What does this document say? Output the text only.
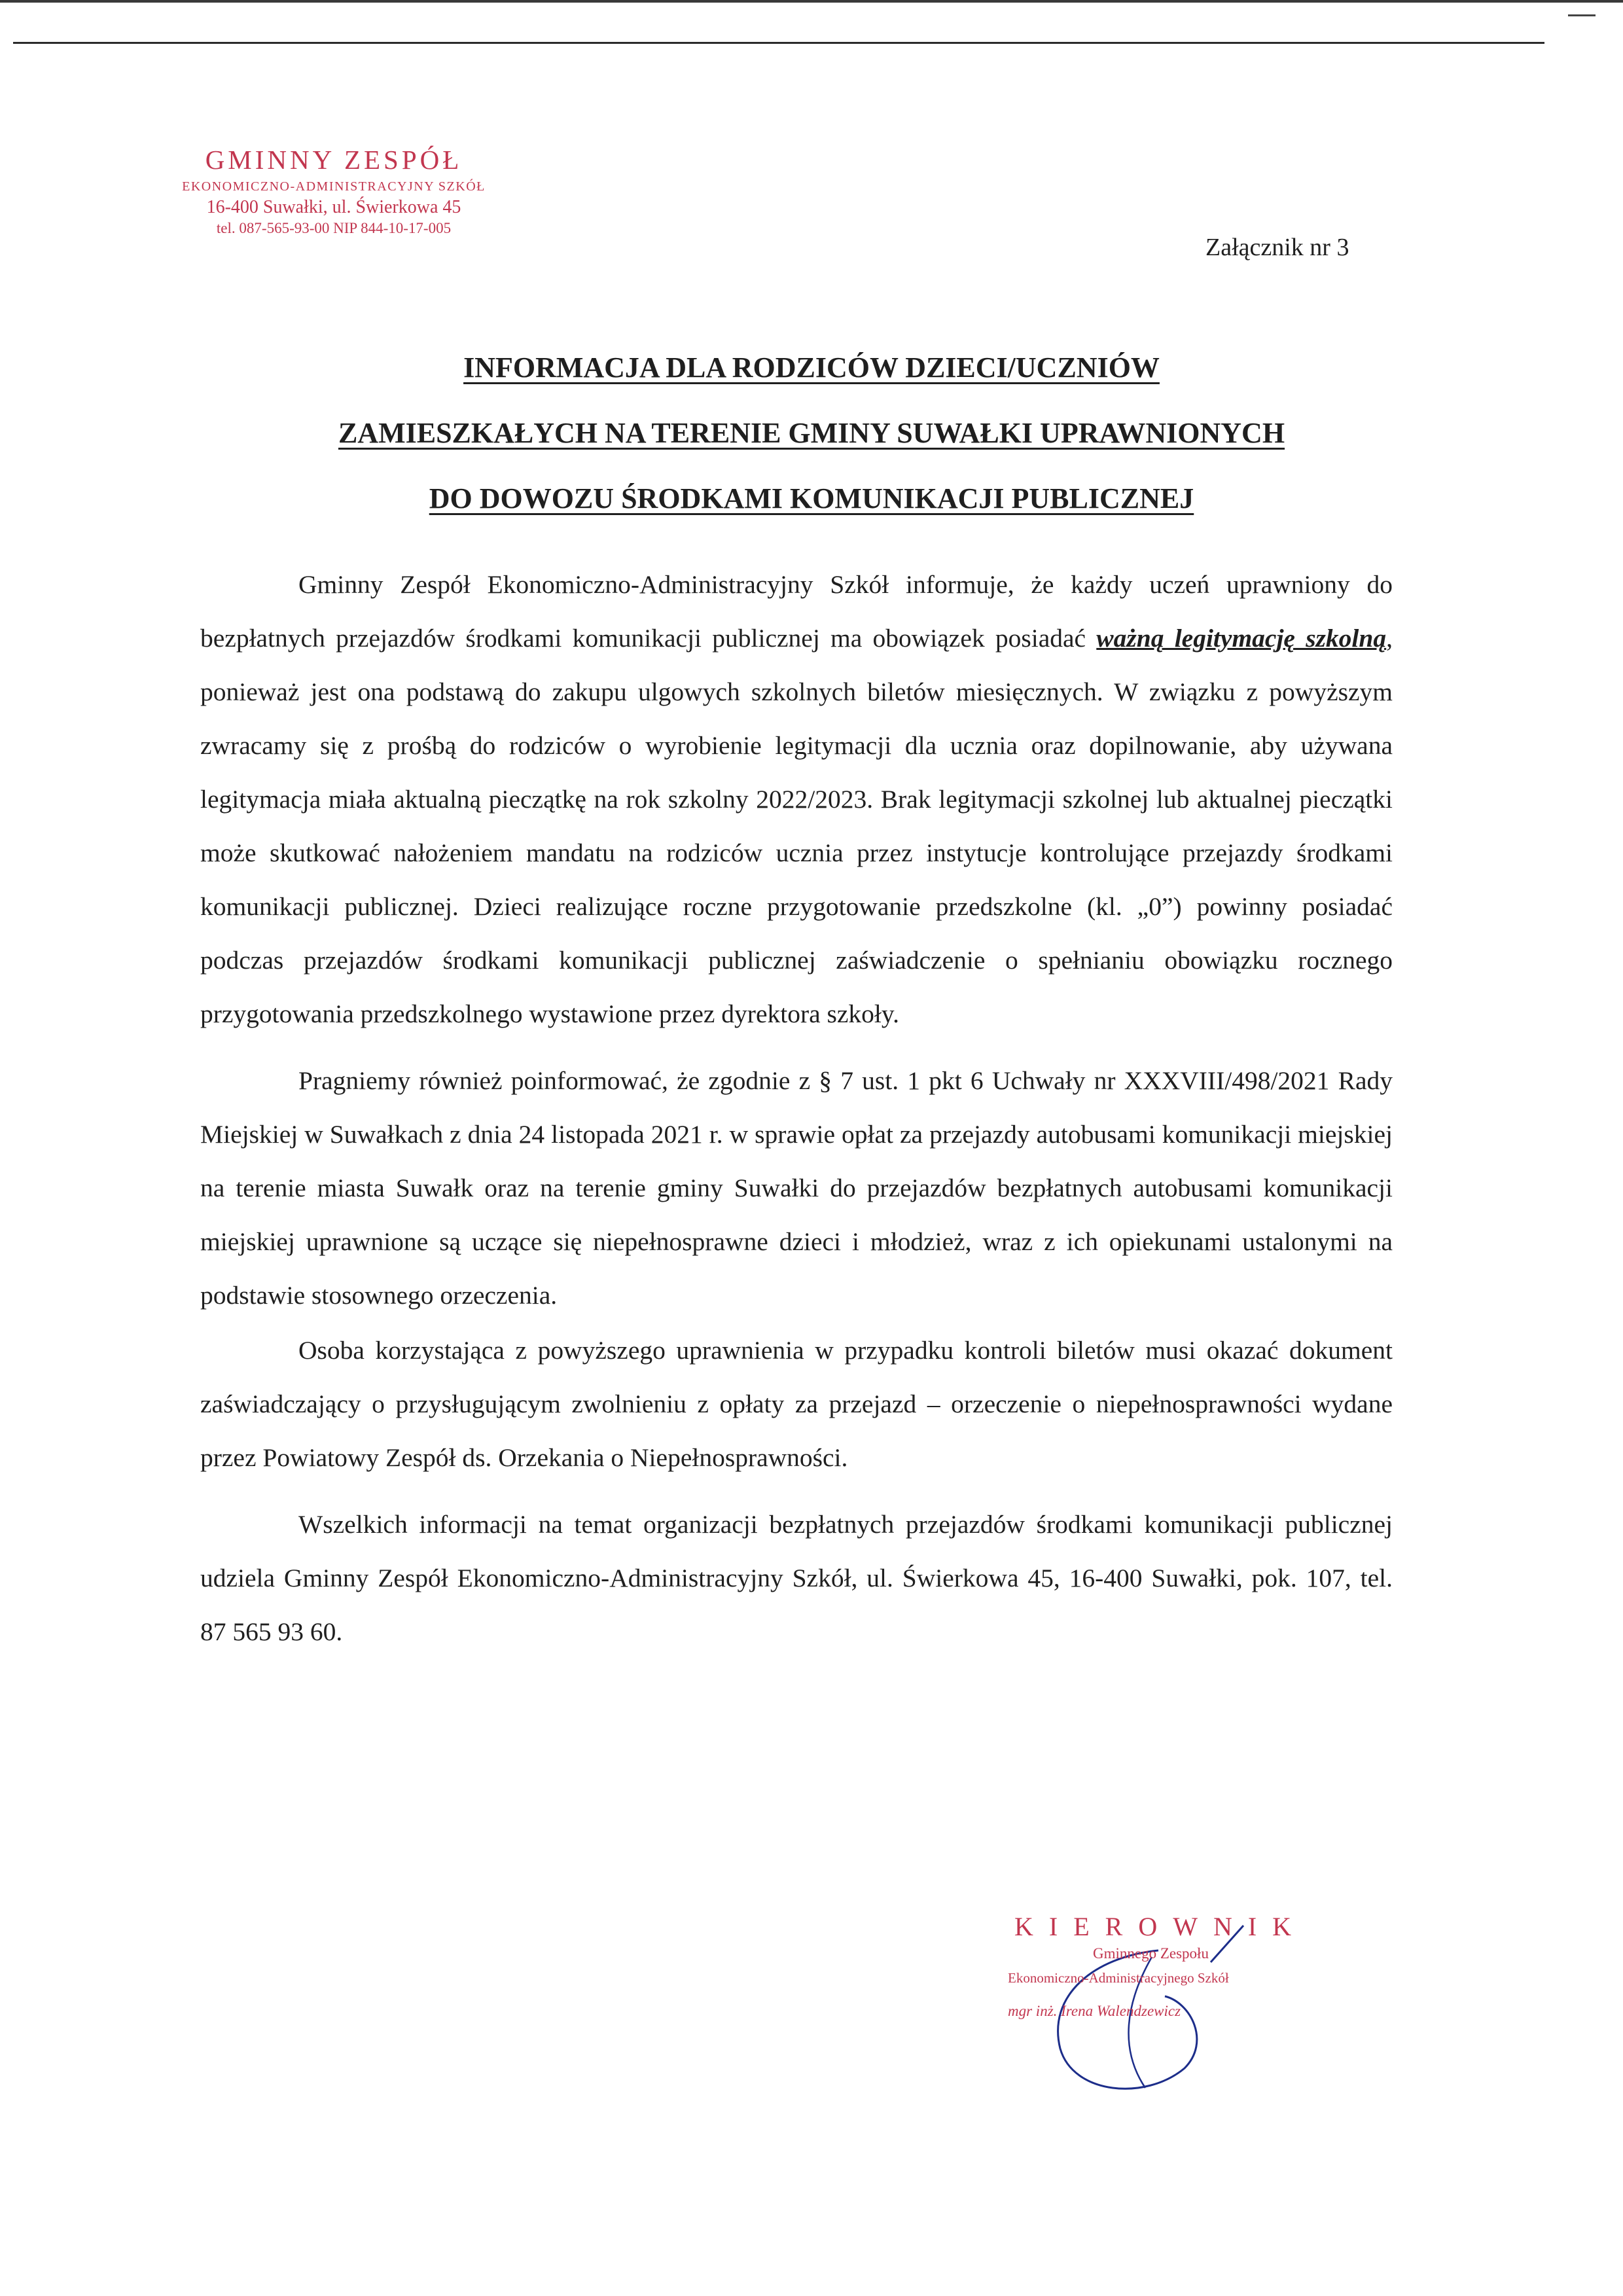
GMINNY ZESPÓŁ
EKONOMICZNO-ADMINISTRACYJNY SZKÓŁ
16-400 Suwałki, ul. Świerkowa 45
tel. 087-565-93-00 NIP 844-10-17-005
Załącznik nr 3
INFORMACJA DLA RODZICÓW DZIECI/UCZNIÓW
ZAMIESZKAŁYCH NA TERENIE GMINY SUWAŁKI UPRAWNIONYCH
DO DOWOZU ŚRODKAMI KOMUNIKACJI PUBLICZNEJ

Gminny Zespół Ekonomiczno-Administracyjny Szkół informuje, że każdy uczeń uprawniony do bezpłatnych przejazdów środkami komunikacji publicznej ma obowiązek posiadać ważną legitymację szkolną, ponieważ jest ona podstawą do zakupu ulgowych szkolnych biletów miesięcznych. W związku z powyższym zwracamy się z prośbą do rodziców o wyrobienie legitymacji dla ucznia oraz dopilnowanie, aby używana legitymacja miała aktualną pieczątkę na rok szkolny 2022/2023. Brak legitymacji szkolnej lub aktualnej pieczątki może skutkować nałożeniem mandatu na rodziców ucznia przez instytucje kontrolujące przejazdy środkami komunikacji publicznej. Dzieci realizujące roczne przygotowanie przedszkolne (kl. „0”) powinny posiadać podczas przejazdów środkami komunikacji publicznej zaświadczenie o spełnianiu obowiązku rocznego przygotowania przedszkolnego wystawione przez dyrektora szkoły.

Pragniemy również poinformować, że zgodnie z § 7 ust. 1 pkt 6 Uchwały nr XXXVIII/498/2021 Rady Miejskiej w Suwałkach z dnia 24 listopada 2021 r. w sprawie opłat za przejazdy autobusami komunikacji miejskiej na terenie miasta Suwałk oraz na terenie gminy Suwałki do przejazdów bezpłatnych autobusami komunikacji miejskiej uprawnione są uczące się niepełnosprawne dzieci i młodzież, wraz z ich opiekunami ustalonymi na podstawie stosownego orzeczenia.

Osoba korzystająca z powyższego uprawnienia w przypadku kontroli biletów musi okazać dokument zaświadczający o przysługującym zwolnieniu z opłaty za przejazd – orzeczenie o niepełnosprawności wydane przez Powiatowy Zespół ds. Orzekania o Niepełnosprawności.

Wszelkich informacji na temat organizacji bezpłatnych przejazdów środkami komunikacji publicznej udziela Gminny Zespół Ekonomiczno-Administracyjny Szkół, ul. Świerkowa 45, 16-400 Suwałki, pok. 107, tel. 87 565 93 60.

KIEROWNIK
Gminnego Zespołu
Ekonomiczno-Administracyjnego Szkół
mgr inż. Irena Walendzewicz
